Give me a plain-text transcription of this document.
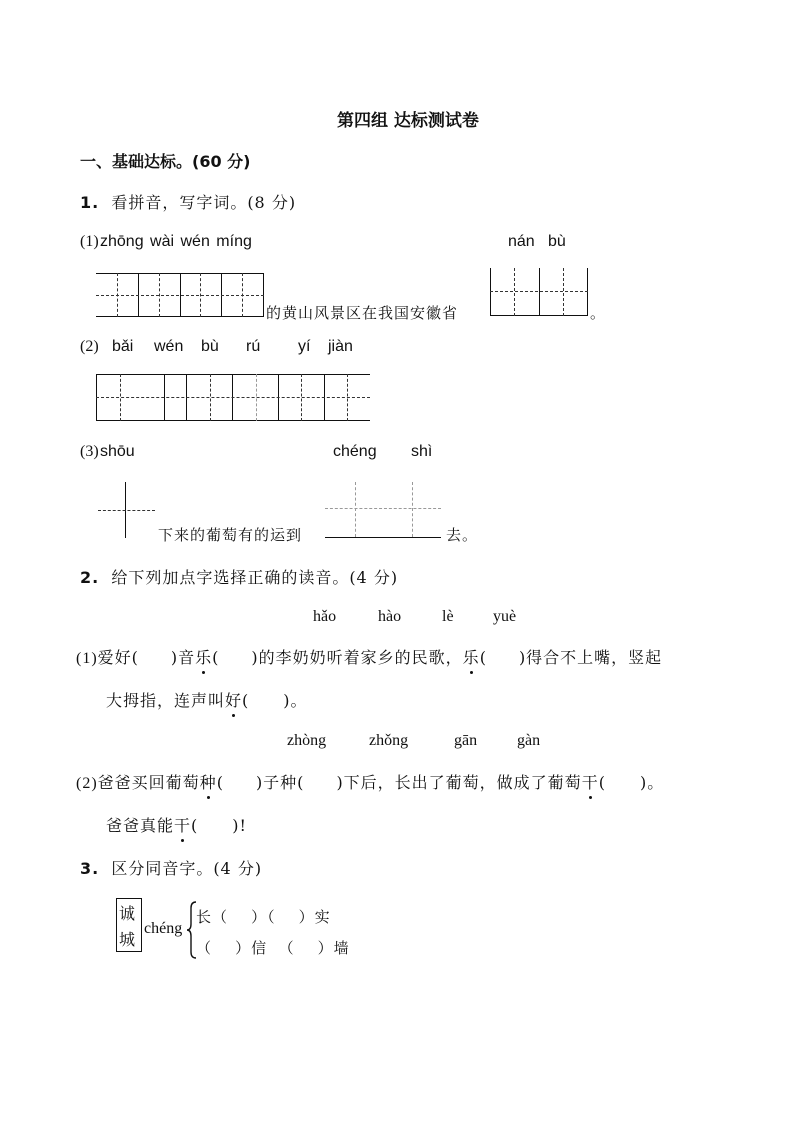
第四组 达标测试卷
一、基础达标。(60 分)
1. 看拼音，写字词。(8 分)
(1) zhōng wài wén míng	nán   bù
的黄山风景区在我国安徽省	。
(2) bǎi wén bù rú yí jiàn
(3) shōu	chéng shì
下来的葡萄有的运到	去。
2. 给下列加点字选择正确的读音。(4 分)
hǎo	hào	lè yuè
(1)爱好( )音乐( )的李奶奶听着家乡的民歌，乐( )得合不上嘴，竖起
大拇指，连声叫好( )。
zhòng	zhǒng	gān gàn
(2)爸爸买回葡萄种( )子种( )下后，长出了葡萄，做成了葡萄干( )。
爸爸真能干( )!
3. 区分同音字。(4 分)
诚
城
chéng
长（    ）（    ）实
（    ）信  （    ）墙
